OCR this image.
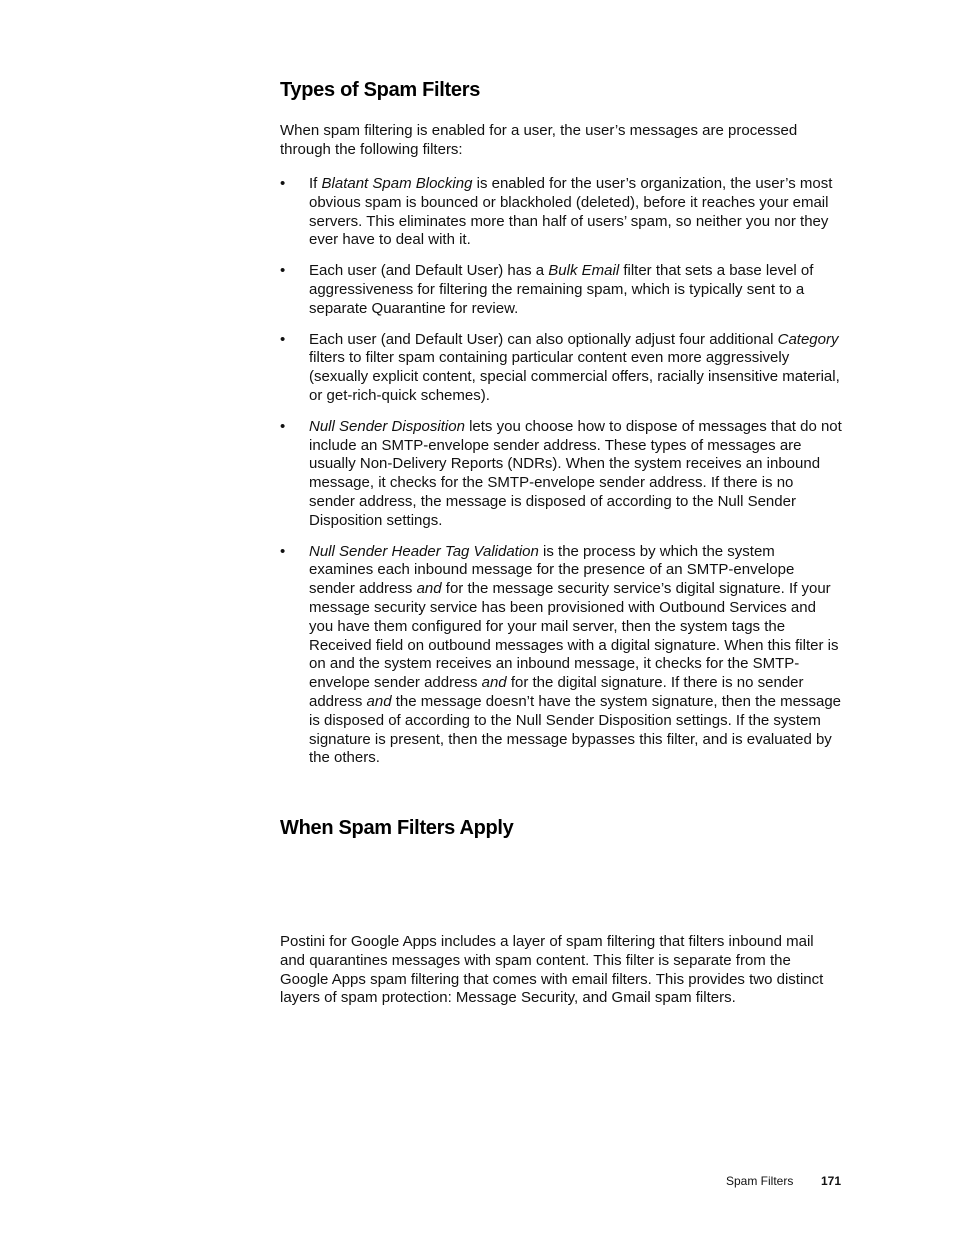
Types of Spam Filters

When spam filtering is enabled for a user, the user’s messages are processed through the following filters:

• If Blatant Spam Blocking is enabled for the user’s organization, the user’s most obvious spam is bounced or blackholed (deleted), before it reaches your email servers. This eliminates more than half of users’ spam, so neither you nor they ever have to deal with it.
• Each user (and Default User) has a Bulk Email filter that sets a base level of aggressiveness for filtering the remaining spam, which is typically sent to a separate Quarantine for review.
• Each user (and Default User) can also optionally adjust four additional Category filters to filter spam containing particular content even more aggressively (sexually explicit content, special commercial offers, racially insensitive material, or get-rich-quick schemes).
• Null Sender Disposition lets you choose how to dispose of messages that do not include an SMTP-envelope sender address. These types of messages are usually Non-Delivery Reports (NDRs). When the system receives an inbound message, it checks for the SMTP-envelope sender address. If there is no sender address, the message is disposed of according to the Null Sender Disposition settings.
• Null Sender Header Tag Validation is the process by which the system examines each inbound message for the presence of an SMTP-envelope sender address and for the message security service’s digital signature. If your message security service has been provisioned with Outbound Services and you have them configured for your mail server, then the system tags the Received field on outbound messages with a digital signature. When this filter is on and the system receives an inbound message, it checks for the SMTP-envelope sender address and for the digital signature. If there is no sender address and the message doesn’t have the system signature, then the message is disposed of according to the Null Sender Disposition settings. If the system signature is present, then the message bypasses this filter, and is evaluated by the others.
When Spam Filters Apply

Postini for Google Apps includes a layer of spam filtering that filters inbound mail and quarantines messages with spam content. This filter is separate from the Google Apps spam filtering that comes with email filters. This provides two distinct layers of spam protection: Message Security, and Gmail spam filters.

Spam Filters 171
